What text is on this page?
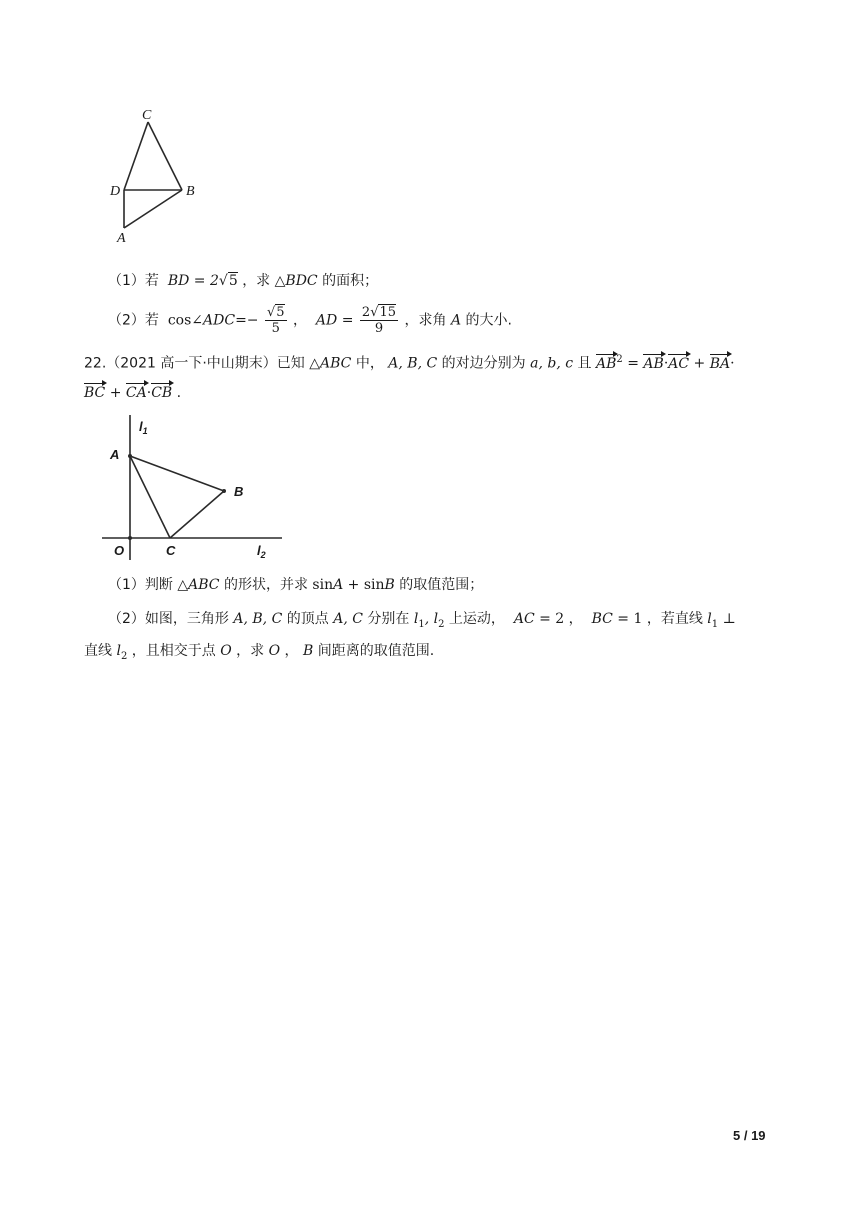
C
D	B
A
（1）若 BD = 2√5 ，求 △BDC 的面积；
（2）若 cos∠ADC=− $\frac{√5}{5}$ ， AD = $\frac{2√15}{9}$ ，求角 A 的大小.
22.（2021 高一下·中山期末）已知 △ABC 中， A, B, C 的对边分别为 a, b, c 且 $AB^2 = AB\cdot AC + BA\cdot$
BC + CA·CB .
$l_1$
A
B
O	C	$l_2$
（1）判断 △ABC 的形状，并求 sinA + sinB 的取值范围；
（2）如图，三角形 A, B, C 的顶点 A, C 分别在 $l_1$, $l_2$ 上运动， AC = 2 ， BC = 1 ，若直线 $l_1$ ⊥
直线 $l_2$ ，且相交于点 O ，求 O ， B 间距离的取值范围.
5 / 19
